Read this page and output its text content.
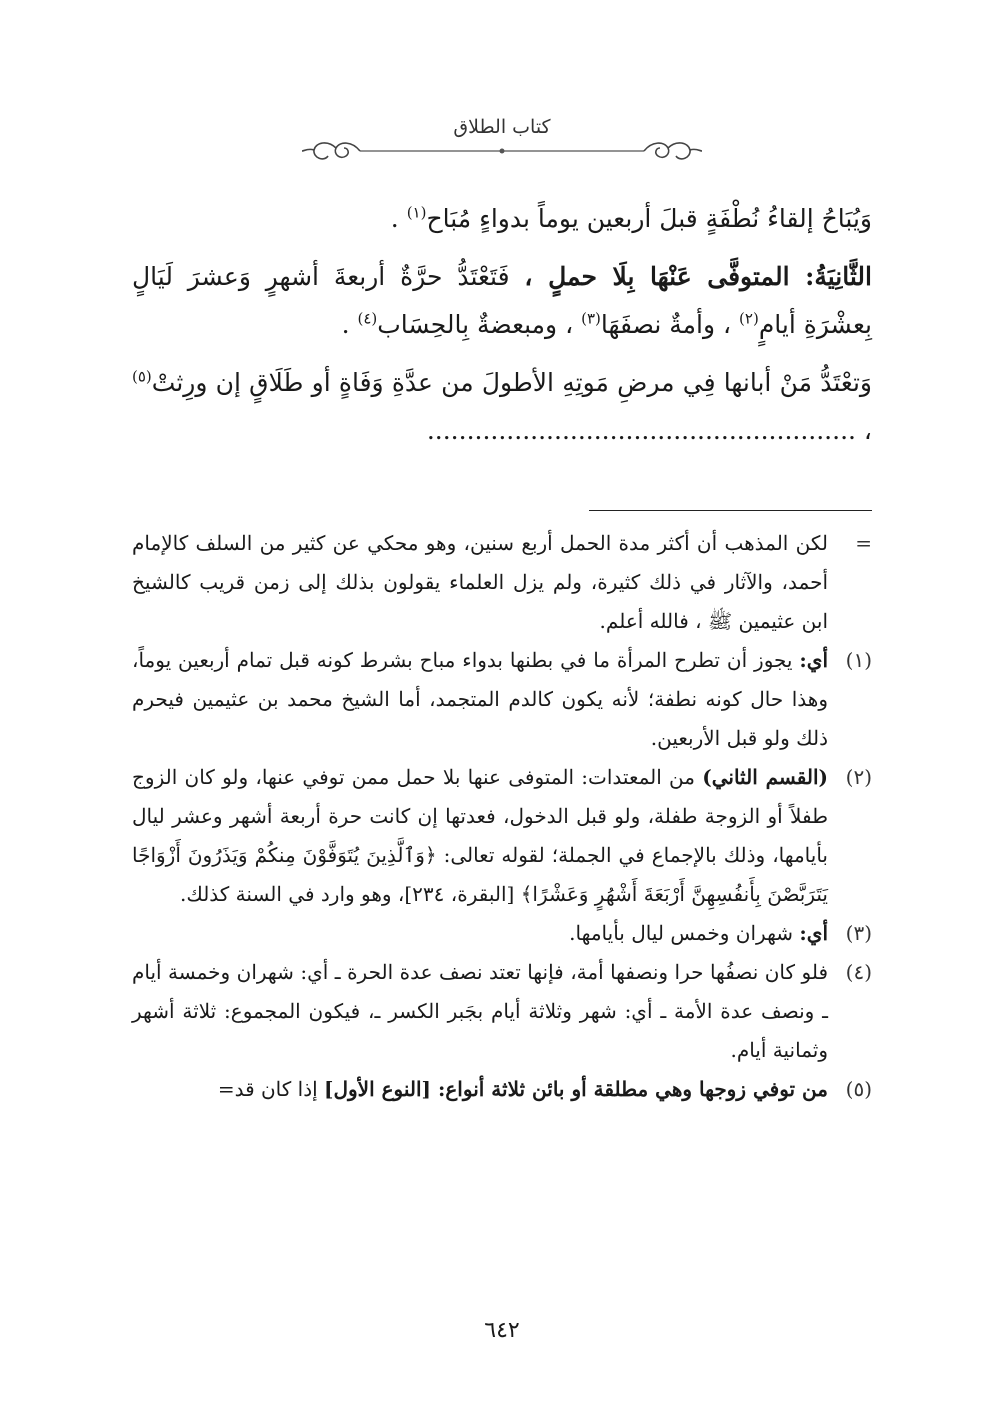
كتاب الطلاق

وَيُبَاحُ إلقاءُ نُطْفَةٍ قبلَ أربعين يوماً بدواءٍ مُبَاح$^{(١)}$ .

الثَّانِيَةُ: المتوفَّى عَنْهَا بِلَا حملٍ ، فَتَعْتَدُّ حرَّةٌ أربعةَ أشهرٍ وَعشرَ لَيَالٍ بِعشْرَةِ أيامٍ$^{(٢)}$ ، وأمةٌ نصفَهَا$^{(٣)}$ ، ومبعضةٌ بِالحِسَاب$^{(٤)}$ .

وَتعْتَدُّ مَنْ أبانها فِي مرضِ مَوتِهِ الأطولَ من عدَّةِ وَفَاةٍ أو طَلَاقٍ إن ورِثتْ$^{(٥)}$ ، ......................................................

=
لكن المذهب أن أكثر مدة الحمل أربع سنين، وهو محكي عن كثير من السلف كالإمام أحمد، والآثار في ذلك كثيرة، ولم يزل العلماء يقولون بذلك إلى زمن قريب كالشيخ ابن عثيمين ﷺ ، فالله أعلم.

(١)
أي: يجوز أن تطرح المرأة ما في بطنها بدواء مباح بشرط كونه قبل تمام أربعين يوماً، وهذا حال كونه نطفة؛ لأنه يكون كالدم المتجمد، أما الشيخ محمد بن عثيمين فيحرم ذلك ولو قبل الأربعين.

(٢)
(القسم الثاني) من المعتدات: المتوفى عنها بلا حمل ممن توفي عنها، ولو كان الزوج طفلاً أو الزوجة طفلة، ولو قبل الدخول، فعدتها إن كانت حرة أربعة أشهر وعشر ليال بأيامها، وذلك بالإجماع في الجملة؛ لقوله تعالى: ﴿وَٱلَّذِينَ يُتَوَفَّوْنَ مِنكُمْ وَيَذَرُونَ أَزْوَاجًا يَتَرَبَّصْنَ بِأَنفُسِهِنَّ أَرْبَعَةَ أَشْهُرٍ وَعَشْرًا﴾ [البقرة، ٢٣٤]، وهو وارد في السنة كذلك.

(٣)
أي: شهران وخمس ليال بأيامها.

(٤)
فلو كان نصفُها حرا ونصفها أمة، فإنها تعتد نصف عدة الحرة ـ أي: شهران وخمسة أيام ـ ونصف عدة الأمة ـ أي: شهر وثلاثة أيام بجَبر الكسر ـ، فيكون المجموع: ثلاثة أشهر وثمانية أيام.

(٥)
من توفي زوجها وهي مطلقة أو بائن ثلاثة أنواع: [النوع الأول] إذا كان قد=

٦٤٢
